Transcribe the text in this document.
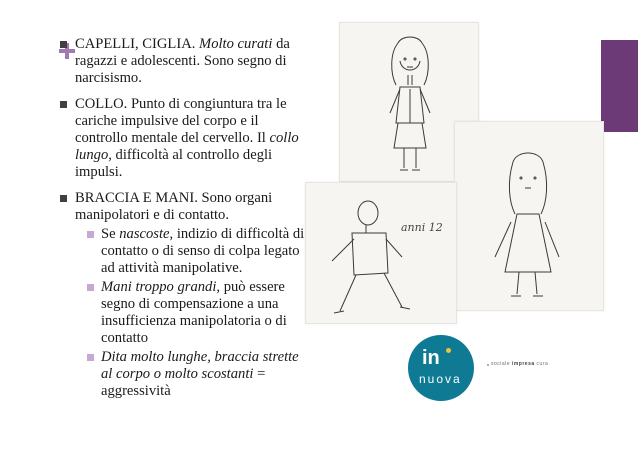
CAPELLI, CIGLIA. Molto curati da ragazzi e adolescenti. Sono segno di narcisismo.
COLLO. Punto di congiuntura tra le cariche impulsive del corpo e il controllo mentale del cervello. Il collo lungo, difficoltà al controllo degli impulsi.
BRACCIA E MANI. Sono organi manipolatori e di contatto.
Se nascoste, indizio di difficoltà di contatto o di senso di colpa legato ad attività manipolative.
Mani troppo grandi, può essere segno di compensazione a una insufficienza manipolatoria o di contatto
Dita molto lunghe, braccia strette al corpo o molto scostanti = aggressività
anni 12
in
nuova
sociale impresa cura
